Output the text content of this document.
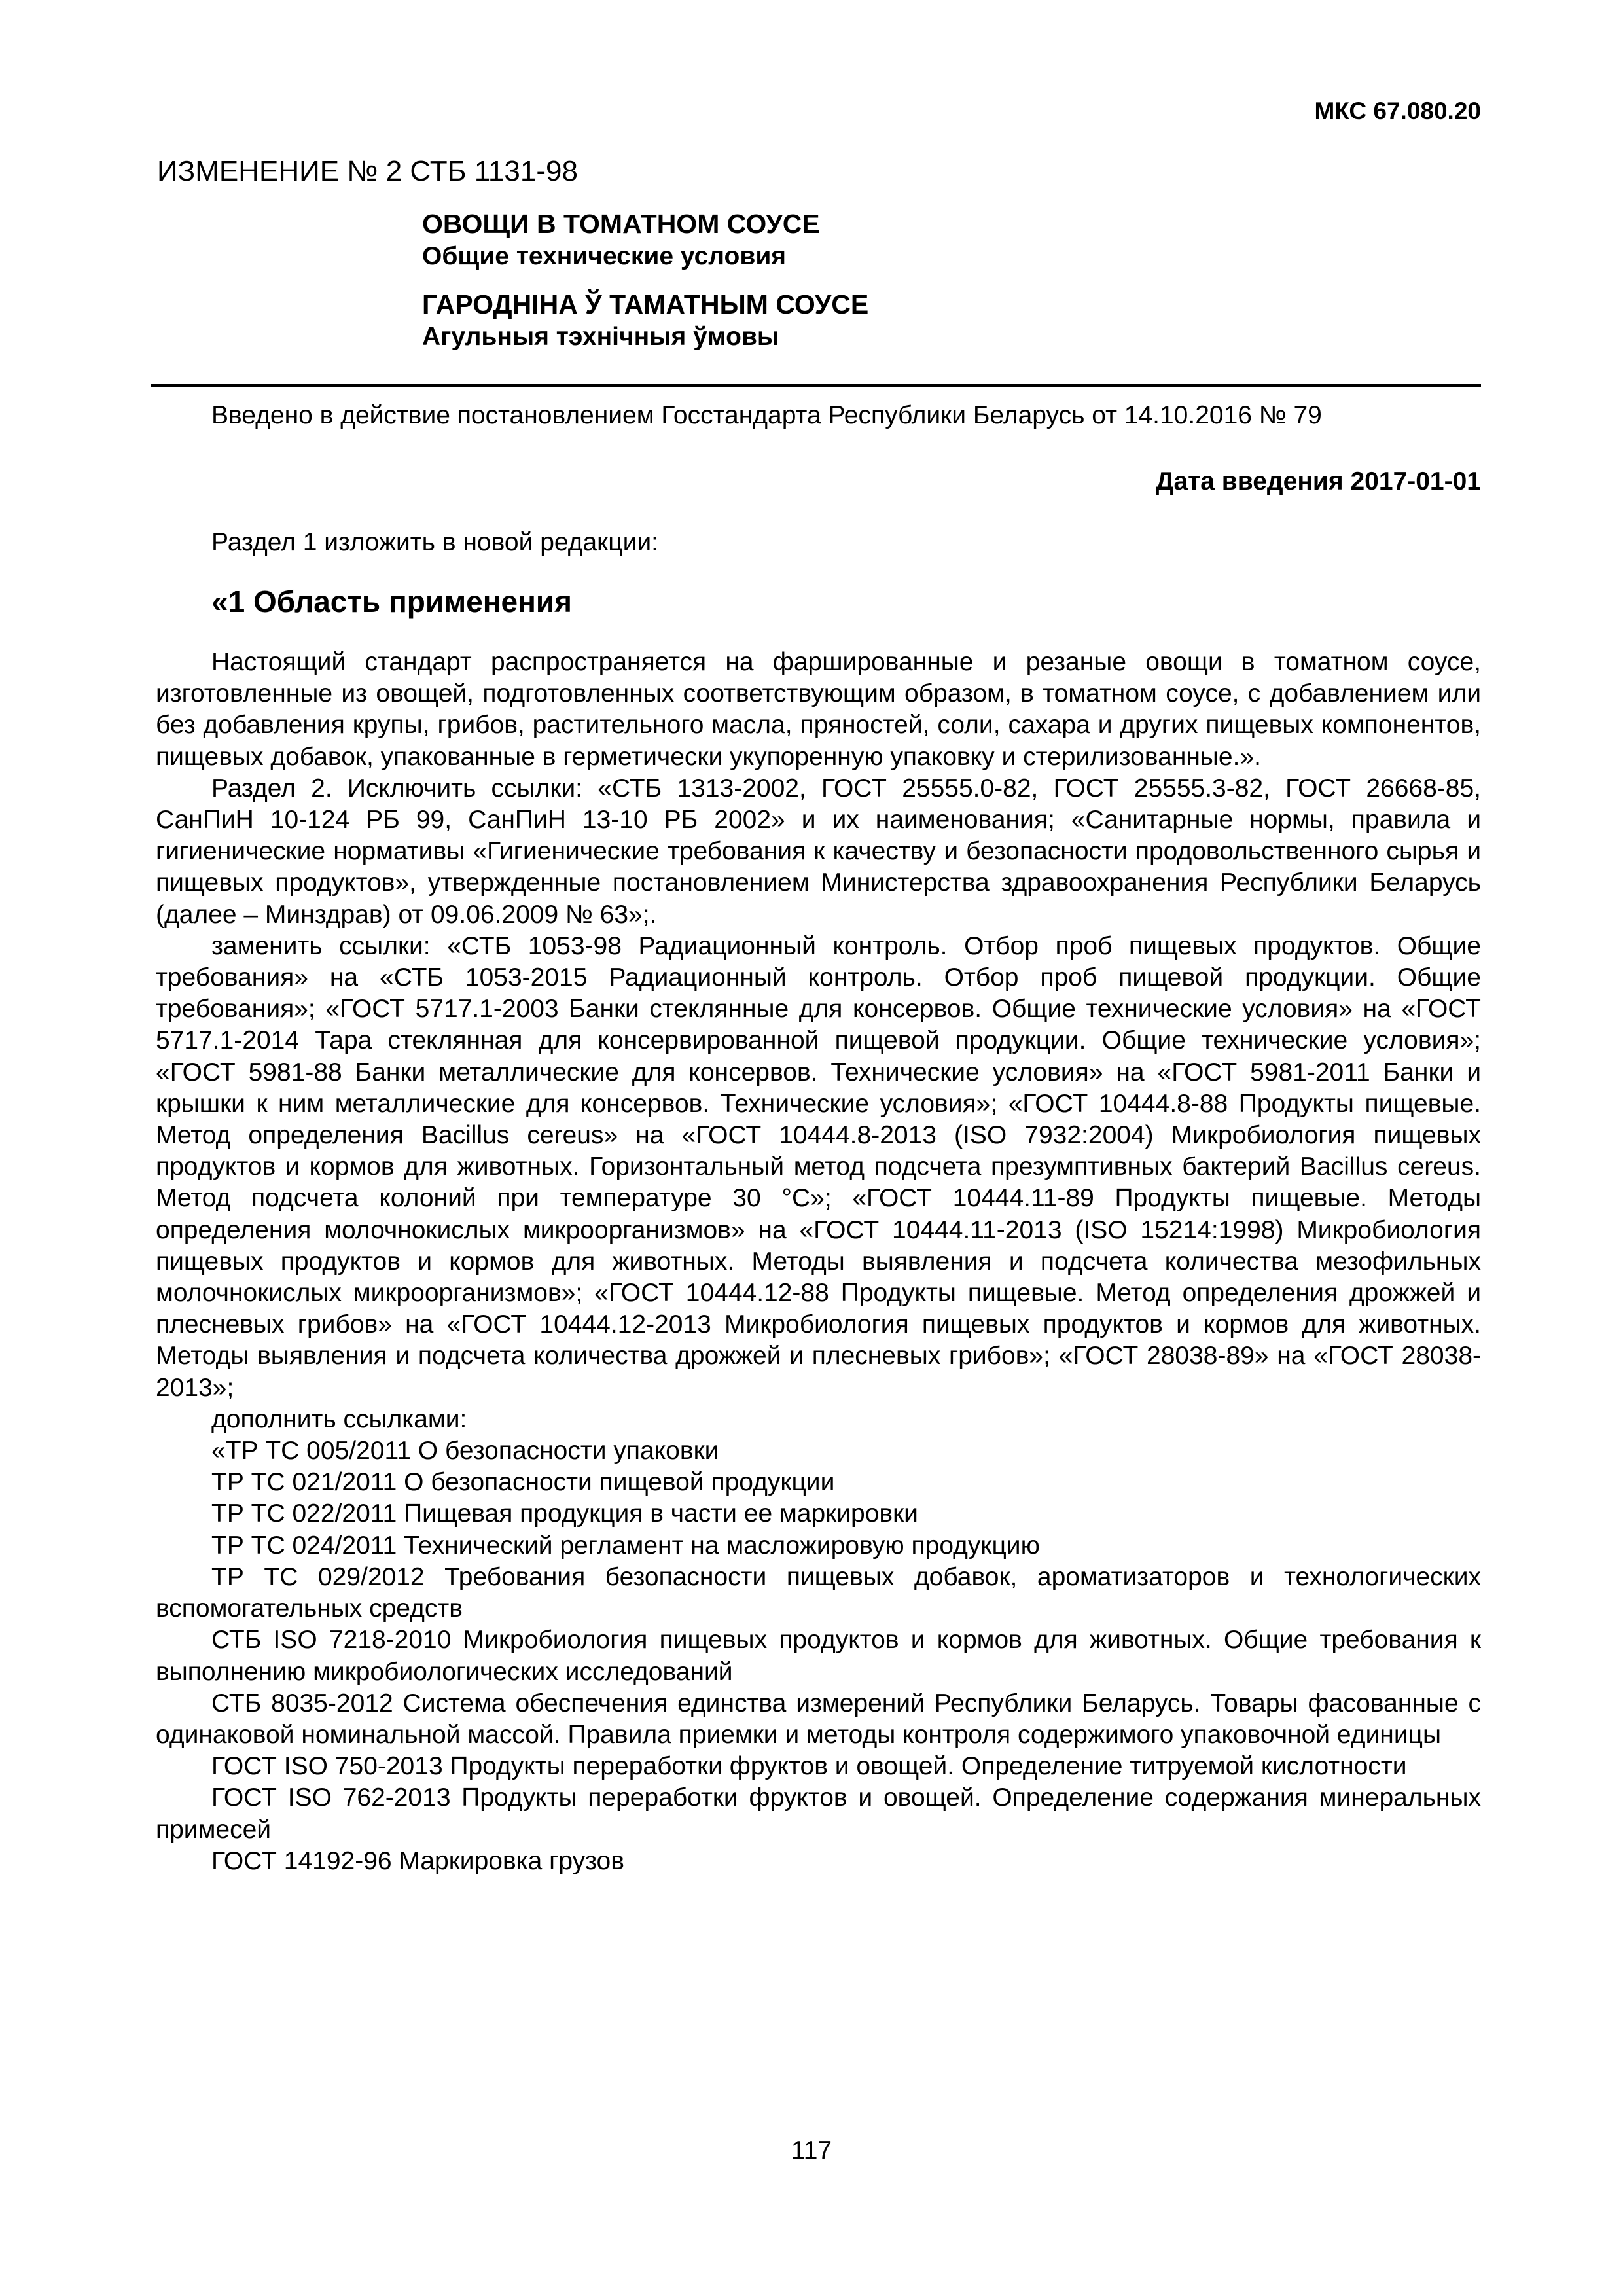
МКС 67.080.20
ИЗМЕНЕНИЕ № 2 СТБ 1131-98
ОВОЩИ В ТОМАТНОМ СОУСЕ
Общие технические условия
ГАРОДНІНА Ў ТАМАТНЫМ СОУСЕ
Агульныя тэхнічныя ўмовы
Введено в действие постановлением Госстандарта Республики Беларусь от 14.10.2016 № 79
Дата введения 2017-01-01
Раздел 1 изложить в новой редакции:
«1 Область применения

Настоящий стандарт распространяется на фаршированные и резаные овощи в томатном соусе, изготовленные из овощей, подготовленных соответствующим образом, в томатном соусе, с добавлением или без добавления крупы, грибов, растительного масла, пряностей, соли, сахара и других пищевых компонентов, пищевых добавок, упакованные в герметически укупоренную упаковку и стерилизованные.».

Раздел 2. Исключить ссылки: «СТБ 1313-2002, ГОСТ 25555.0-82, ГОСТ 25555.3-82, ГОСТ 26668-85, СанПиН 10-124 РБ 99, СанПиН 13-10 РБ 2002» и их наименования; «Санитарные нормы, правила и гигиенические нормативы «Гигиенические требования к качеству и безопасности продовольственного сырья и пищевых продуктов», утвержденные постановлением Министерства здравоохранения Республики Беларусь (далее – Минздрав) от 09.06.2009 № 63»;.

заменить ссылки: «СТБ 1053-98 Радиационный контроль. Отбор проб пищевых продуктов. Общие требования» на «СТБ 1053-2015 Радиационный контроль. Отбор проб пищевой продукции. Общие требования»; «ГОСТ 5717.1-2003 Банки стеклянные для консервов. Общие технические условия» на «ГОСТ 5717.1-2014 Тара стеклянная для консервированной пищевой продукции. Общие технические условия»; «ГОСТ 5981-88 Банки металлические для консервов. Технические условия» на «ГОСТ 5981-2011 Банки и крышки к ним металлические для консервов. Технические условия»; «ГОСТ 10444.8-88 Продукты пищевые. Метод определения Bacillus cereus» на «ГОСТ 10444.8-2013 (ISO 7932:2004) Микробиология пищевых продуктов и кормов для животных. Горизонтальный метод подсчета презумптивных бактерий Bacillus cereus. Метод подсчета колоний при температуре 30 °С»; «ГОСТ 10444.11-89 Продукты пищевые. Методы определения молочнокислых микроорганизмов» на «ГОСТ 10444.11-2013 (ISO 15214:1998) Микробиология пищевых продуктов и кормов для животных. Методы выявления и подсчета количества мезофильных молочнокислых микроорганизмов»; «ГОСТ 10444.12-88 Продукты пищевые. Метод определения дрожжей и плесневых грибов» на «ГОСТ 10444.12-2013 Микробиология пищевых продуктов и кормов для животных. Методы выявления и подсчета количества дрожжей и плесневых грибов»; «ГОСТ 28038-89» на «ГОСТ 28038-2013»;

дополнить ссылками:

«ТР ТС 005/2011 О безопасности упаковки

ТР ТС 021/2011 О безопасности пищевой продукции

ТР ТС 022/2011 Пищевая продукция в части ее маркировки

ТР ТС 024/2011 Технический регламент на масложировую продукцию

ТР ТС 029/2012 Требования безопасности пищевых добавок, ароматизаторов и технологических вспомогательных средств

СТБ ISO 7218-2010 Микробиология пищевых продуктов и кормов для животных. Общие требования к выполнению микробиологических исследований

СТБ 8035-2012 Система обеспечения единства измерений Республики Беларусь. Товары фасованные с одинаковой номинальной массой. Правила приемки и методы контроля содержимого упаковочной единицы

ГОСТ ISO 750-2013 Продукты переработки фруктов и овощей. Определение титруемой кислотности

ГОСТ ISO 762-2013 Продукты переработки фруктов и овощей. Определение содержания минеральных примесей

ГОСТ 14192-96 Маркировка грузов

117
